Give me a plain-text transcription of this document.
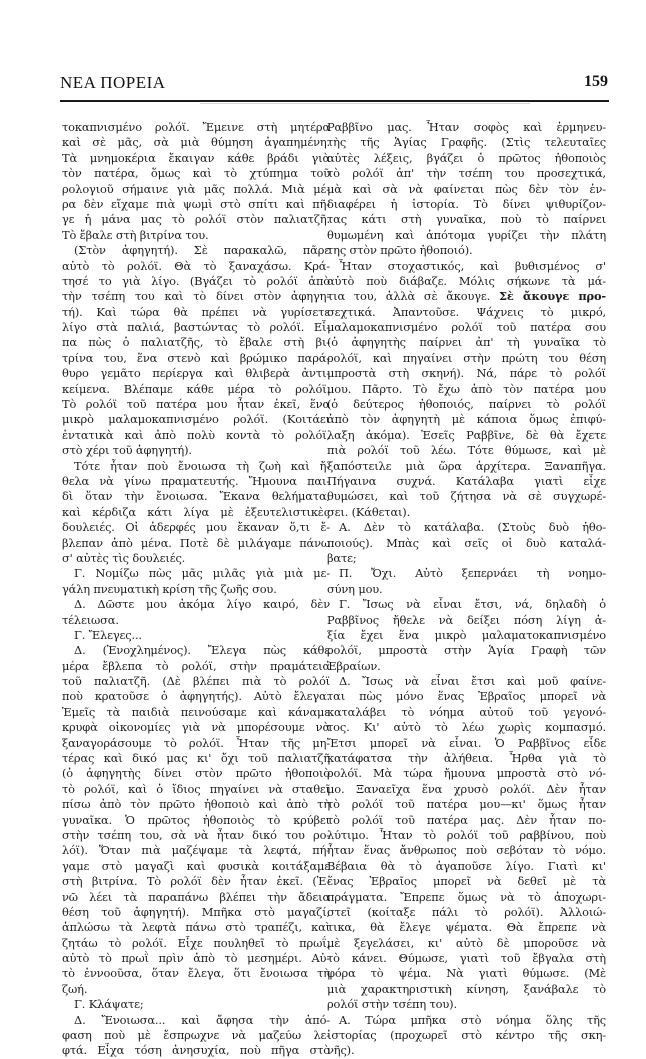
ΝΕΑ ΠΟΡΕΙΑ	159
τοκαπνισμένο ρολόϊ. Ἔμεινε στὴ μητέρα
καὶ σὲ μᾶς, σὰ μιὰ θύμηση ἀγαπημένη.
Τὰ μνημοκέρια ἔκαιγαν κάθε βράδι γιὰ
τὸν πατέρα, ὅμως καὶ τὸ χτύπημα τοῦ
ρολογιοῦ σήμαινε γιὰ μᾶς πολλά. Μιὰ μέ-
ρα δὲν εἴχαμε πιὰ ψωμὶ στὸ σπίτι καὶ πῆ-
γε ἡ μάνα μας τὸ ρολόϊ στὸν παλιατζῆ.
Τὸ ἔβαλε στὴ βιτρίνα του.
(Στὸν ἀφηγητή). Σὲ παρακαλῶ, πᾶρε
αὐτὸ τὸ ρολόϊ. Θὰ τὸ ξαναχάσω. Κρά-
τησέ το γιὰ λίγο. (Βγάζει τὸ ρολόϊ ἀπὸ
τὴν τσέπη του καὶ τὸ δίνει στὸν ἀφηγη-
τή). Καὶ τώρα θὰ πρέπει νὰ γυρίσετε
λίγο στὰ παλιά, βαστώντας τὸ ρολόϊ. Εἶ-
πα πὼς ὁ παλιατζῆς, τὸ ἔβαλε στὴ βι-
τρίνα του, ἕνα στενὸ καὶ βρώμικο παρά-
θυρο γεμᾶτο περίεργα καὶ θλιβερὰ ἀντι-
κείμενα. Βλέπαμε κάθε μέρα τὸ ρολόϊ.
Τὸ ρολόϊ τοῦ πατέρα μου ἦταν ἐκεῖ, ἕνα
μικρὸ μαλαμοκαπνισμένο ρολόϊ. (Κοιτάει
ἐντατικὰ καὶ ἀπὸ πολὺ κοντὰ τὸ ρολόϊ,
στὸ χέρι τοῦ ἀφηγητή).
Τότε ἦταν ποὺ ἔνοιωσα τὴ ζωὴ καὶ ἤ-
θελα νὰ γίνω πραματευτής. Ἤμουνα παι-
δὶ ὅταν τὴν ἔνοιωσα. Ἔκανα θελήματα,
καὶ κέρδιζα κάτι λίγα μὲ ἐξευτελιστικὲς
δουλειές. Οἱ ἀδερφές μου ἔκαναν ὅ,τι ἔ-
βλεπαν ἀπὸ μένα. Ποτὲ δὲ μιλάγαμε πάνω
σ' αὐτὲς τὶς δουλειές.
Γ. Νομίζω πὼς μᾶς μιλᾶς γιὰ μιὰ με-
γάλη πνευματικὴ κρίση τῆς ζωῆς σου.
Δ. Δῶστε μου ἀκόμα λίγο καιρό, δὲν
τέλειωσα.
Γ. Ἔλεγες...
Δ. (Ἐνοχλημένος). Ἔλεγα πὼς κάθε
μέρα ἔβλεπα τὸ ρολόϊ, στὴν πραμάτεια
τοῦ παλιατζῆ. (Δὲ βλέπει πιὰ τὸ ρολόϊ
ποὺ κρατοῦσε ὁ ἀφηγητής). Αὐτὸ ἔλεγα.
Ἐμεῖς τὰ παιδιὰ πεινούσαμε καὶ κάναμε
κρυφὰ οἰκονομίες γιὰ νὰ μπορέσουμε νὰ
ξαναγοράσουμε τὸ ρολόϊ. Ἦταν τῆς μη-
τέρας καὶ δικό μας κι' ὄχι τοῦ παλιατζῆ
(ὁ ἀφηγητὴς δίνει στὸν πρῶτο ἠθοποιὸ
τὸ ρολόϊ, καὶ ὁ ἴδιος πηγαίνει νὰ σταθεῖ
πίσω ἀπὸ τὸν πρῶτο ἠθοποιὸ καὶ ἀπὸ τὴ
γυναῖκα. Ὁ πρῶτος ἠθοποιὸς τὸ κρύβει
στὴν τσέπη του, σὰ νὰ ἦταν δικό του ρο-
λόϊ). Ὅταν πιὰ μαζέψαμε τὰ λεφτά, πή-
γαμε στὸ μαγαζὶ καὶ φυσικὰ κοιτάξαμε
στὴ βιτρίνα. Τὸ ρολόϊ δὲν ἦταν ἐκεῖ. (Ἐ-
νῶ λέει τὰ παραπάνω βλέπει τὴν ἄδεια
θέση τοῦ ἀφηγητή). Μπῆκα στὸ μαγαζί,
ἁπλώσω τὰ λεφτὰ πάνω στὸ τραπέζι, καὶ
ζητάω τὸ ρολόϊ. Εἶχε πουληθεῖ τὸ πρωΐ,
αὐτὸ τὸ πρωῒ πρὶν ἀπὸ τὸ μεσημέρι. Αὐ-
τὸ ἐννοοῦσα, ὅταν ἔλεγα, ὅτι ἔνοιωσα τὴ
ζωή.
Γ. Κλάψατε;
Δ. Ἔνοιωσα... καὶ ἄφησα τὴν ἀπό-
φαση ποὺ μὲ ἔσπρωχνε νὰ μαζεύω λε-
φτά. Εἶχα τόση ἀνησυχία, ποὺ πῆγα στὸ
Ραββῖνο μας. Ἦταν σοφὸς καὶ ἑρμηνευ-
τὴς τῆς Ἁγίας Γραφῆς. (Στὶς τελευταῖες
αὐτὲς λέξεις, βγάζει ὁ πρῶτος ἠθοποιὸς
τὸ ρολόϊ ἀπ' τὴν τσέπη του προσεχτικά,
μὰ καὶ σὰ νὰ φαίνεται πὼς δὲν τὸν ἐν-
διαφέρει ἡ ἱστορία. Τὸ δίνει ψιθυρίζον-
τας κάτι στὴ γυναῖκα, ποὺ τὸ παίρνει
θυμωμένη καὶ ἀπότομα γυρίζει τὴν πλάτη
της στὸν πρῶτο ἠθοποιό).
Ἦταν στοχαστικός, καὶ βυθισμένος σ'
αὐτὸ ποὺ διάβαζε. Μόλις σήκωνε τὰ μά-
τια του, ἀλλὰ σὲ ἄκουγε. Σὲ ἄκουγε προ-
σεχτικά. Ἀπαντοῦσε. Ψάχνεις τὸ μικρό,
μαλαμοκαπνισμένο ρολόϊ τοῦ πατέρα σου
(ὁ ἀφηγητὴς παίρνει ἀπ' τὴ γυναῖκα τὸ
ρολόϊ, καὶ πηγαίνει στὴν πρώτη του θέση
μπροστὰ στὴ σκηνή). Νά, πάρε τὸ ρολόϊ
μου. Πᾶρτο. Τὸ ἔχω ἀπὸ τὸν πατέρα μου
(ὁ δεύτερος ἠθοποιός, παίρνει τὸ ρολόϊ
ἀπὸ τὸν ἀφηγητὴ μὲ κάποια ὅμως ἐπιφύ-
λαξη ἀκόμα). Ἐσεῖς Ραββῖνε, δὲ θὰ ἔχετε
πιὰ ρολόϊ τοῦ λέω. Τότε θύμωσε, καὶ μὲ
ξαπόστειλε μιὰ ὥρα ἀρχίτερα. Ξαναπῆγα.
Πήγαινα συχνά. Κατάλαβα γιατὶ εἶχε
θυμώσει, καὶ τοῦ ζήτησα νὰ σὲ συγχωρέ-
σει. (Κάθεται).
Α. Δὲν τὸ κατάλαβα. (Στοὺς δυὸ ἠθο-
ποιούς). Μπὰς καὶ σεῖς οἱ δυὸ καταλά-
βατε;
Π. Ὄχι. Αὐτὸ ξεπερνάει τὴ νοημο-
σύνη μου.
Γ. Ἴσως νὰ εἶναι ἔτσι, νά, δηλαδὴ ὁ
Ραββῖνος ἤθελε νὰ δείξει πόση λίγη ἀ-
ξία ἔχει ἕνα μικρὸ μαλαματοκαπνισμένο
ρολόϊ, μπροστὰ στὴν Ἁγία Γραφὴ τῶν
Ἑβραίων.
Δ. Ἴσως νὰ εἶναι ἔτσι καὶ μοῦ φαίνε-
ται πὼς μόνο ἕνας Ἑβραῖος μπορεῖ νὰ
καταλάβει τὸ νόημα αὐτοῦ τοῦ γεγονό-
τος. Κι' αὐτὸ τὸ λέω χωρὶς κομπασμό.
Ἔτσι μπορεῖ νὰ εἶναι. Ὁ Ραββῖνος εἶδε
κατάφατσα τὴν ἀλήθεια. Ἦρθα γιὰ τὸ
ρολόϊ. Μὰ τώρα ἤμουνα μπροστὰ στὸ νό-
μο. Ξαναεῖχα ἕνα χρυσὸ ρολόϊ. Δὲν ἦταν
τὸ ρολόϊ τοῦ πατέρα μου—κι' ὅμως ἦταν
τὸ ρολόϊ τοῦ πατέρα μας. Δὲν ἦταν πο-
λύτιμο. Ἦταν τὸ ρολόϊ τοῦ ραββίνου, ποὺ
ἦταν ἕνας ἄνθρωπος ποὺ σεβόταν τὸ νόμο.
Βέβαια θὰ τὸ ἀγαποῦσε λίγο. Γιατὶ κι'
ἕνας Ἑβραῖος μπορεῖ νὰ δεθεῖ μὲ τὰ
πράγματα. Ἔπρεπε ὅμως νὰ τὸ ἀποχωρι-
στεῖ (κοίταξε πάλι τὸ ρολόϊ). Ἀλλοιώ-
τικα, θὰ ἔλεγε ψέματα. Θὰ ἔπρεπε νὰ
μὲ ξεγελάσει, κι' αὐτὸ δὲ μποροῦσε νὰ
τὸ κάνει. Θύμωσε, γιατὶ τοῦ ἔβγαλα στὴ
φόρα τὸ ψέμα. Νὰ γιατὶ θύμωσε. (Μὲ
μιὰ χαρακτηριστικὴ κίνηση, ξανάβαλε τὸ
ρολόϊ στὴν τσέπη του).
Α. Τώρα μπῆκα στὸ νόημα ὅλης τῆς
ἱστορίας (προχωρεῖ στὸ κέντρο τῆς σκη-
νῆς).
